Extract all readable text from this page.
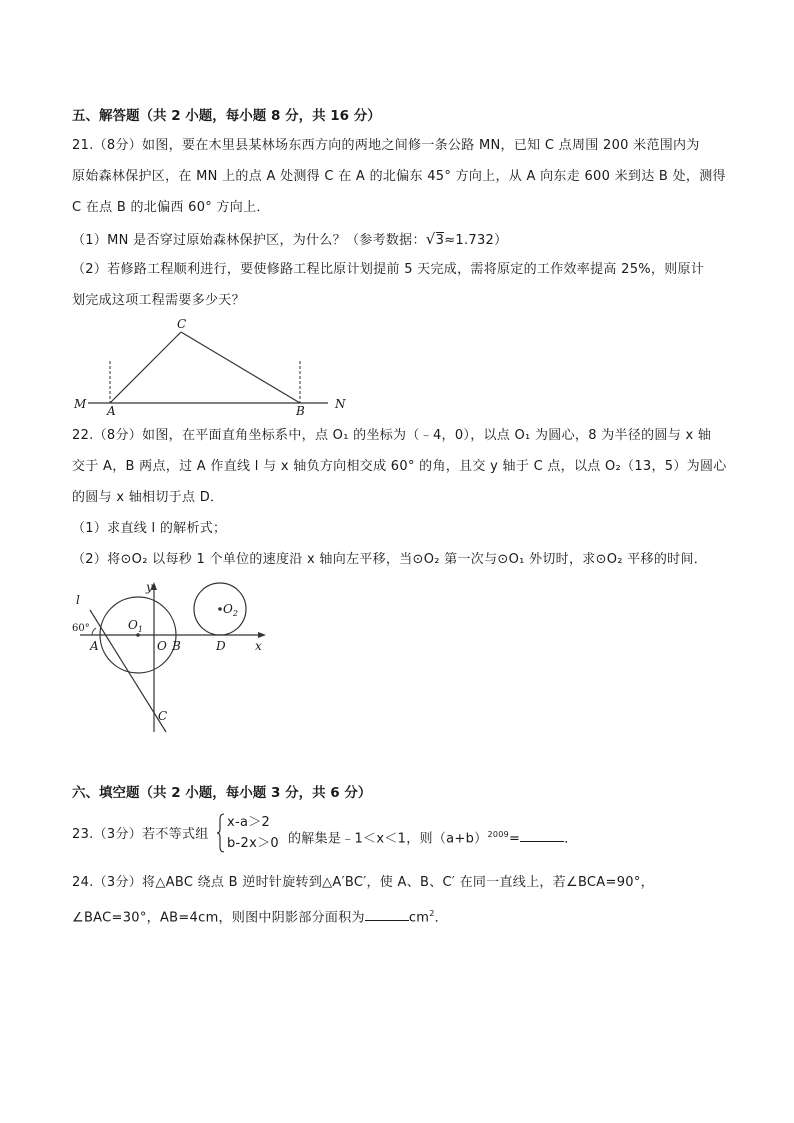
五、解答题（共 2 小题，每小题 8 分，共 16 分）
21.（8分）如图，要在木里县某林场东西方向的两地之间修一条公路 MN，已知 C 点周围 200 米范围内为
原始森林保护区，在 MN 上的点 A 处测得 C 在 A 的北偏东 45° 方向上，从 A 向东走 600 米到达 B 处，测得
C 在点 B 的北偏西 60° 方向上．
（1）MN 是否穿过原始森林保护区，为什么？（参考数据：√3≈1.732）
（2）若修路工程顺利进行，要使修路工程比原计划提前 5 天完成，需将原定的工作效率提高 25%，则原计
划完成这项工程需要多少天？
C
M A	B	N
22.（8分）如图，在平面直角坐标系中，点 O₁ 的坐标为（﹣4，0），以点 O₁ 为圆心，8 为半径的圆与 x 轴
交于 A，B 两点，过 A 作直线 l 与 x 轴负方向相交成 60° 的角，且交 y 轴于 C 点，以点 O₂（13，5）为圆心
的圆与 x 轴相切于点 D．
（1）求直线 l 的解析式；
（2）将⊙O₂ 以每秒 1 个单位的速度沿 x 轴向左平移，当⊙O₂ 第一次与⊙O₁ 外切时，求⊙O₂ 平移的时间．
l
60°
y
x
$O_1$
$O_2$
A	O B	D
C
六、填空题（共 2 小题，每小题 3 分，共 6 分）
23.（3分）若不等式组
x-a＞2
b-2x＞0 的解集是﹣1＜x＜1，则$(a+b)^{2009}=$	．
24.（3分）将△ABC 绕点 B 逆时针旋转到△A′BC′，使 A、B、C′ 在同一直线上，若∠BCA=90°，
∠BAC=30°，AB=4cm，则图中阴影部分面积为	$cm^2$．
